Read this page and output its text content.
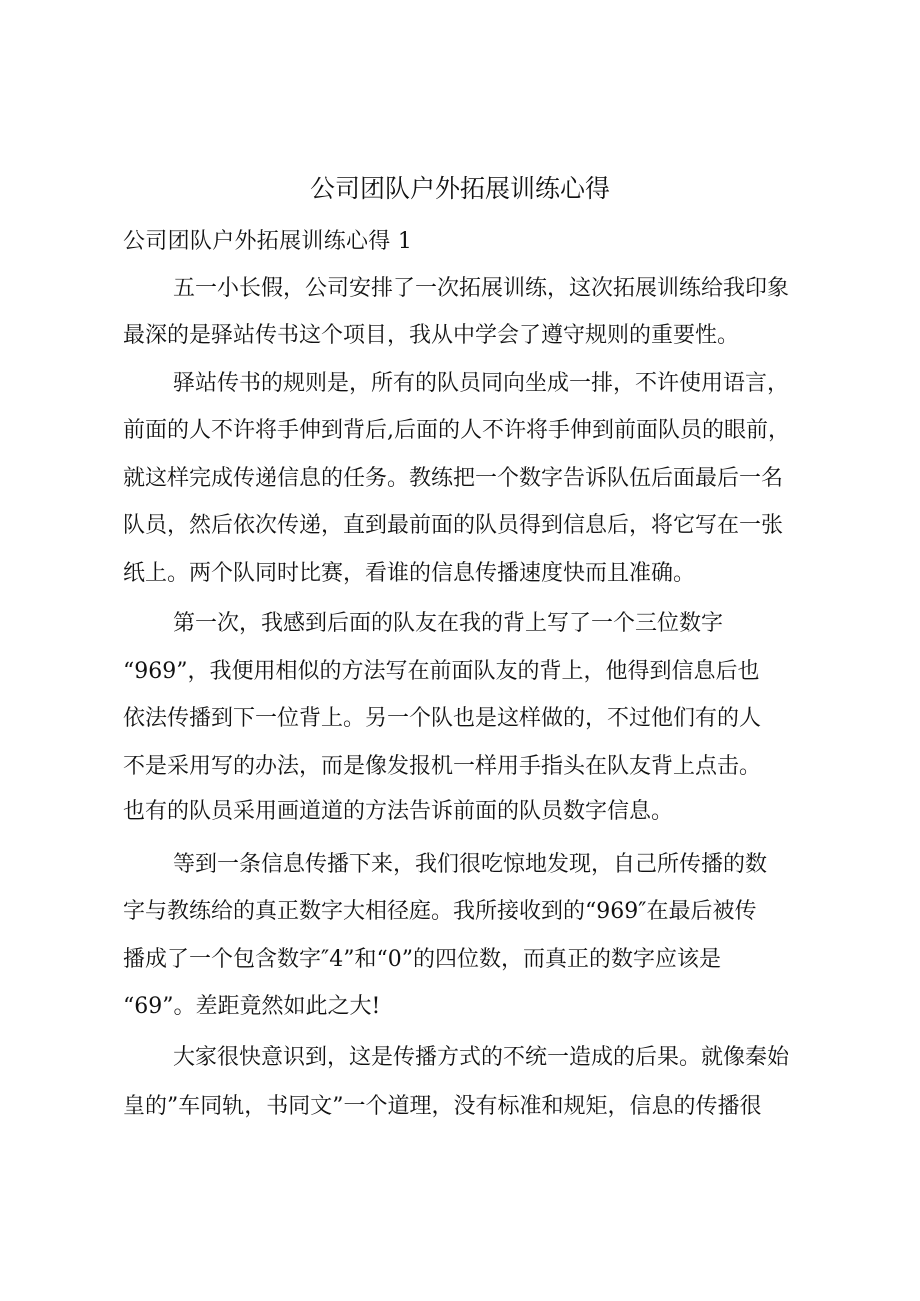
公司团队户外拓展训练心得

公司团队户外拓展训练心得 1

五一小长假，公司安排了一次拓展训练，这次拓展训练给我印象

最深的是驿站传书这个项目，我从中学会了遵守规则的重要性。

驿站传书的规则是，所有的队员同向坐成一排，不许使用语言，

前面的人不许将手伸到背后,后面的人不许将手伸到前面队员的眼前，

就这样完成传递信息的任务。教练把一个数字告诉队伍后面最后一名

队员，然后依次传递，直到最前面的队员得到信息后，将它写在一张

纸上。两个队同时比赛，看谁的信息传播速度快而且准确。

第一次，我感到后面的队友在我的背上写了一个三位数字

“969”，我便用相似的方法写在前面队友的背上，他得到信息后也

依法传播到下一位背上。另一个队也是这样做的，不过他们有的人

不是采用写的办法，而是像发报机一样用手指头在队友背上点击。

也有的队员采用画道道的方法告诉前面的队员数字信息。

等到一条信息传播下来，我们很吃惊地发现，自己所传播的数

字与教练给的真正数字大相径庭。我所接收到的“969″在最后被传

播成了一个包含数字″4”和“0”的四位数，而真正的数字应该是

“69”。差距竟然如此之大!

大家很快意识到，这是传播方式的不统一造成的后果。就像秦始

皇的”车同轨，书同文”一个道理，没有标准和规矩，信息的传播很
